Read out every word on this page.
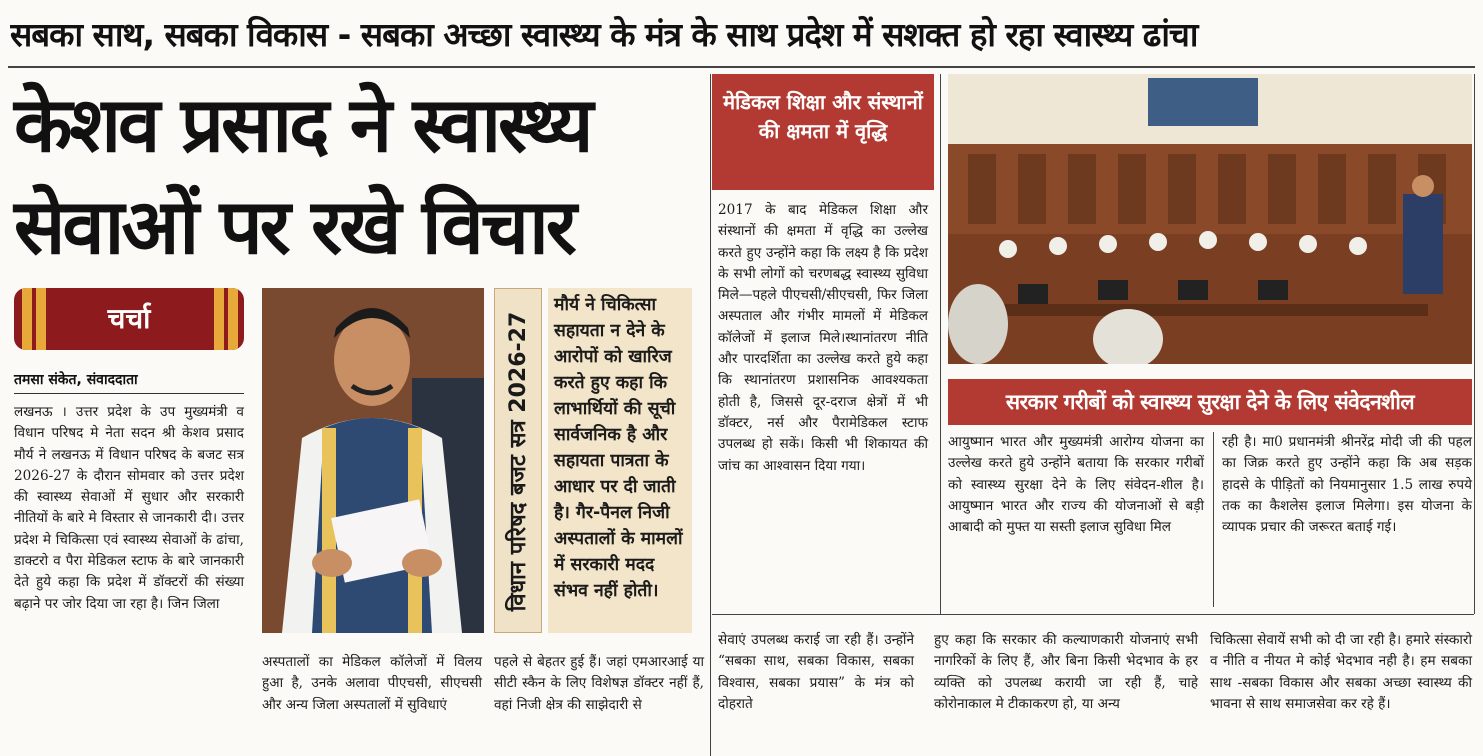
सबका साथ, सबका विकास - सबका अच्छा स्वास्थ्य के मंत्र के साथ प्रदेश में सशक्त हो रहा स्वास्थ्य ढांचा
केशव प्रसाद ने स्वास्थ्य
सेवाओं पर रखे विचार
चर्चा
तमसा संकेत, संवाददाता
लखनऊ । उत्तर प्रदेश के उप मुख्यमंत्री व विधान परिषद मे नेता सदन श्री केशव प्रसाद मौर्य ने लखनऊ में विधान परिषद के बजट सत्र 2026-27 के दौरान सोमवार को उत्तर प्रदेश की स्वास्थ्य सेवाओं में सुधार और सरकारी नीतियों के बारे मे विस्तार से जानकारी दी। उत्तर प्रदेश मे चिकित्सा एवं स्वास्थ्य सेवाओं के ढांचा, डाक्टरो व पैरा मेडिकल स्टाफ के बारे जानकारी देते हुये कहा कि प्रदेश में डॉक्टरों की संख्या बढ़ाने पर जोर दिया जा रहा है। जिन जिला	विधान परिषद बजट सत्र 2026-27
मौर्य ने चिकित्सा सहायता न देने के आरोपों को खारिज करते हुए कहा कि लाभार्थियों की सूची सार्वजनिक है और सहायता पात्रता के आधार पर दी जाती है। गैर-पैनल निजी अस्पतालों के मामलों में सरकारी मदद संभव नहीं होती।
अस्पतालों का मेडिकल कॉलेजों में विलय हुआ है, उनके अलावा पीएचसी, सीएचसी और अन्य जिला अस्पतालों में सुविधाएं
पहले से बेहतर हुई हैं। जहां एमआरआई या सीटी स्कैन के लिए विशेषज्ञ डॉक्टर नहीं हैं, वहां निजी क्षेत्र की साझेदारी से
मेडिकल शिक्षा और संस्थानों की क्षमता में वृद्धि
2017 के बाद मेडिकल शिक्षा और संस्थानों की क्षमता में वृद्धि का उल्लेख करते हुए उन्होंने कहा कि लक्ष्य है कि प्रदेश के सभी लोगों को चरणबद्ध स्वास्थ्य सुविधा मिले—पहले पीएचसी/सीएचसी, फिर जिला अस्पताल और गंभीर मामलों में मेडिकल कॉलेजों में इलाज मिले।स्थानांतरण नीति और पारदर्शिता का उल्लेख करते हुये कहा कि स्थानांतरण प्रशासनिक आवश्यकता होती है, जिससे दूर-दराज क्षेत्रों में भी डॉक्टर, नर्स और पैरामेडिकल स्टाफ उपलब्ध हो सकें। किसी भी शिकायत की जांच का आश्वासन दिया गया।
सरकार गरीबों को स्वास्थ्य सुरक्षा देने के लिए संवेदनशील
आयुष्मान भारत और मुख्यमंत्री आरोग्य योजना का उल्लेख करते हुये उन्होंने बताया कि सरकार गरीबों को स्वास्थ्य सुरक्षा देने के लिए संवेदन-शील है। आयुष्मान भारत और राज्य की योजनाओं से बड़ी आबादी को मुफ्त या सस्ती इलाज सुविधा मिल
रही है। मा0 प्रधानमंत्री श्रीनरेंद्र मोदी जी की पहल का जिक्र करते हुए उन्होंने कहा कि अब सड़क हादसे के पीड़ितों को नियमानुसार 1.5 लाख रुपये तक का कैशलेस इलाज मिलेगा। इस योजना के व्यापक प्रचार की जरूरत बताई गई।
सेवाएं उपलब्ध कराई जा रही हैं। उन्होंने “सबका साथ, सबका विकास, सबका विश्वास, सबका प्रयास” के मंत्र को दोहराते
हुए कहा कि सरकार की कल्याणकारी योजनाएं सभी नागरिकों के लिए हैं, और बिना किसी भेदभाव के हर व्यक्ति को उपलब्ध करायी जा रही हैं, चाहे कोरोनाकाल मे टीकाकरण हो, या अन्य
चिकित्सा सेवायें सभी को दी जा रही है। हमारे संस्कारो व नीति व नीयत मे कोई भेदभाव नही है। हम सबका साथ -सबका विकास और सबका अच्छा स्वास्थ्य की भावना से साथ समाजसेवा कर रहे हैं।
